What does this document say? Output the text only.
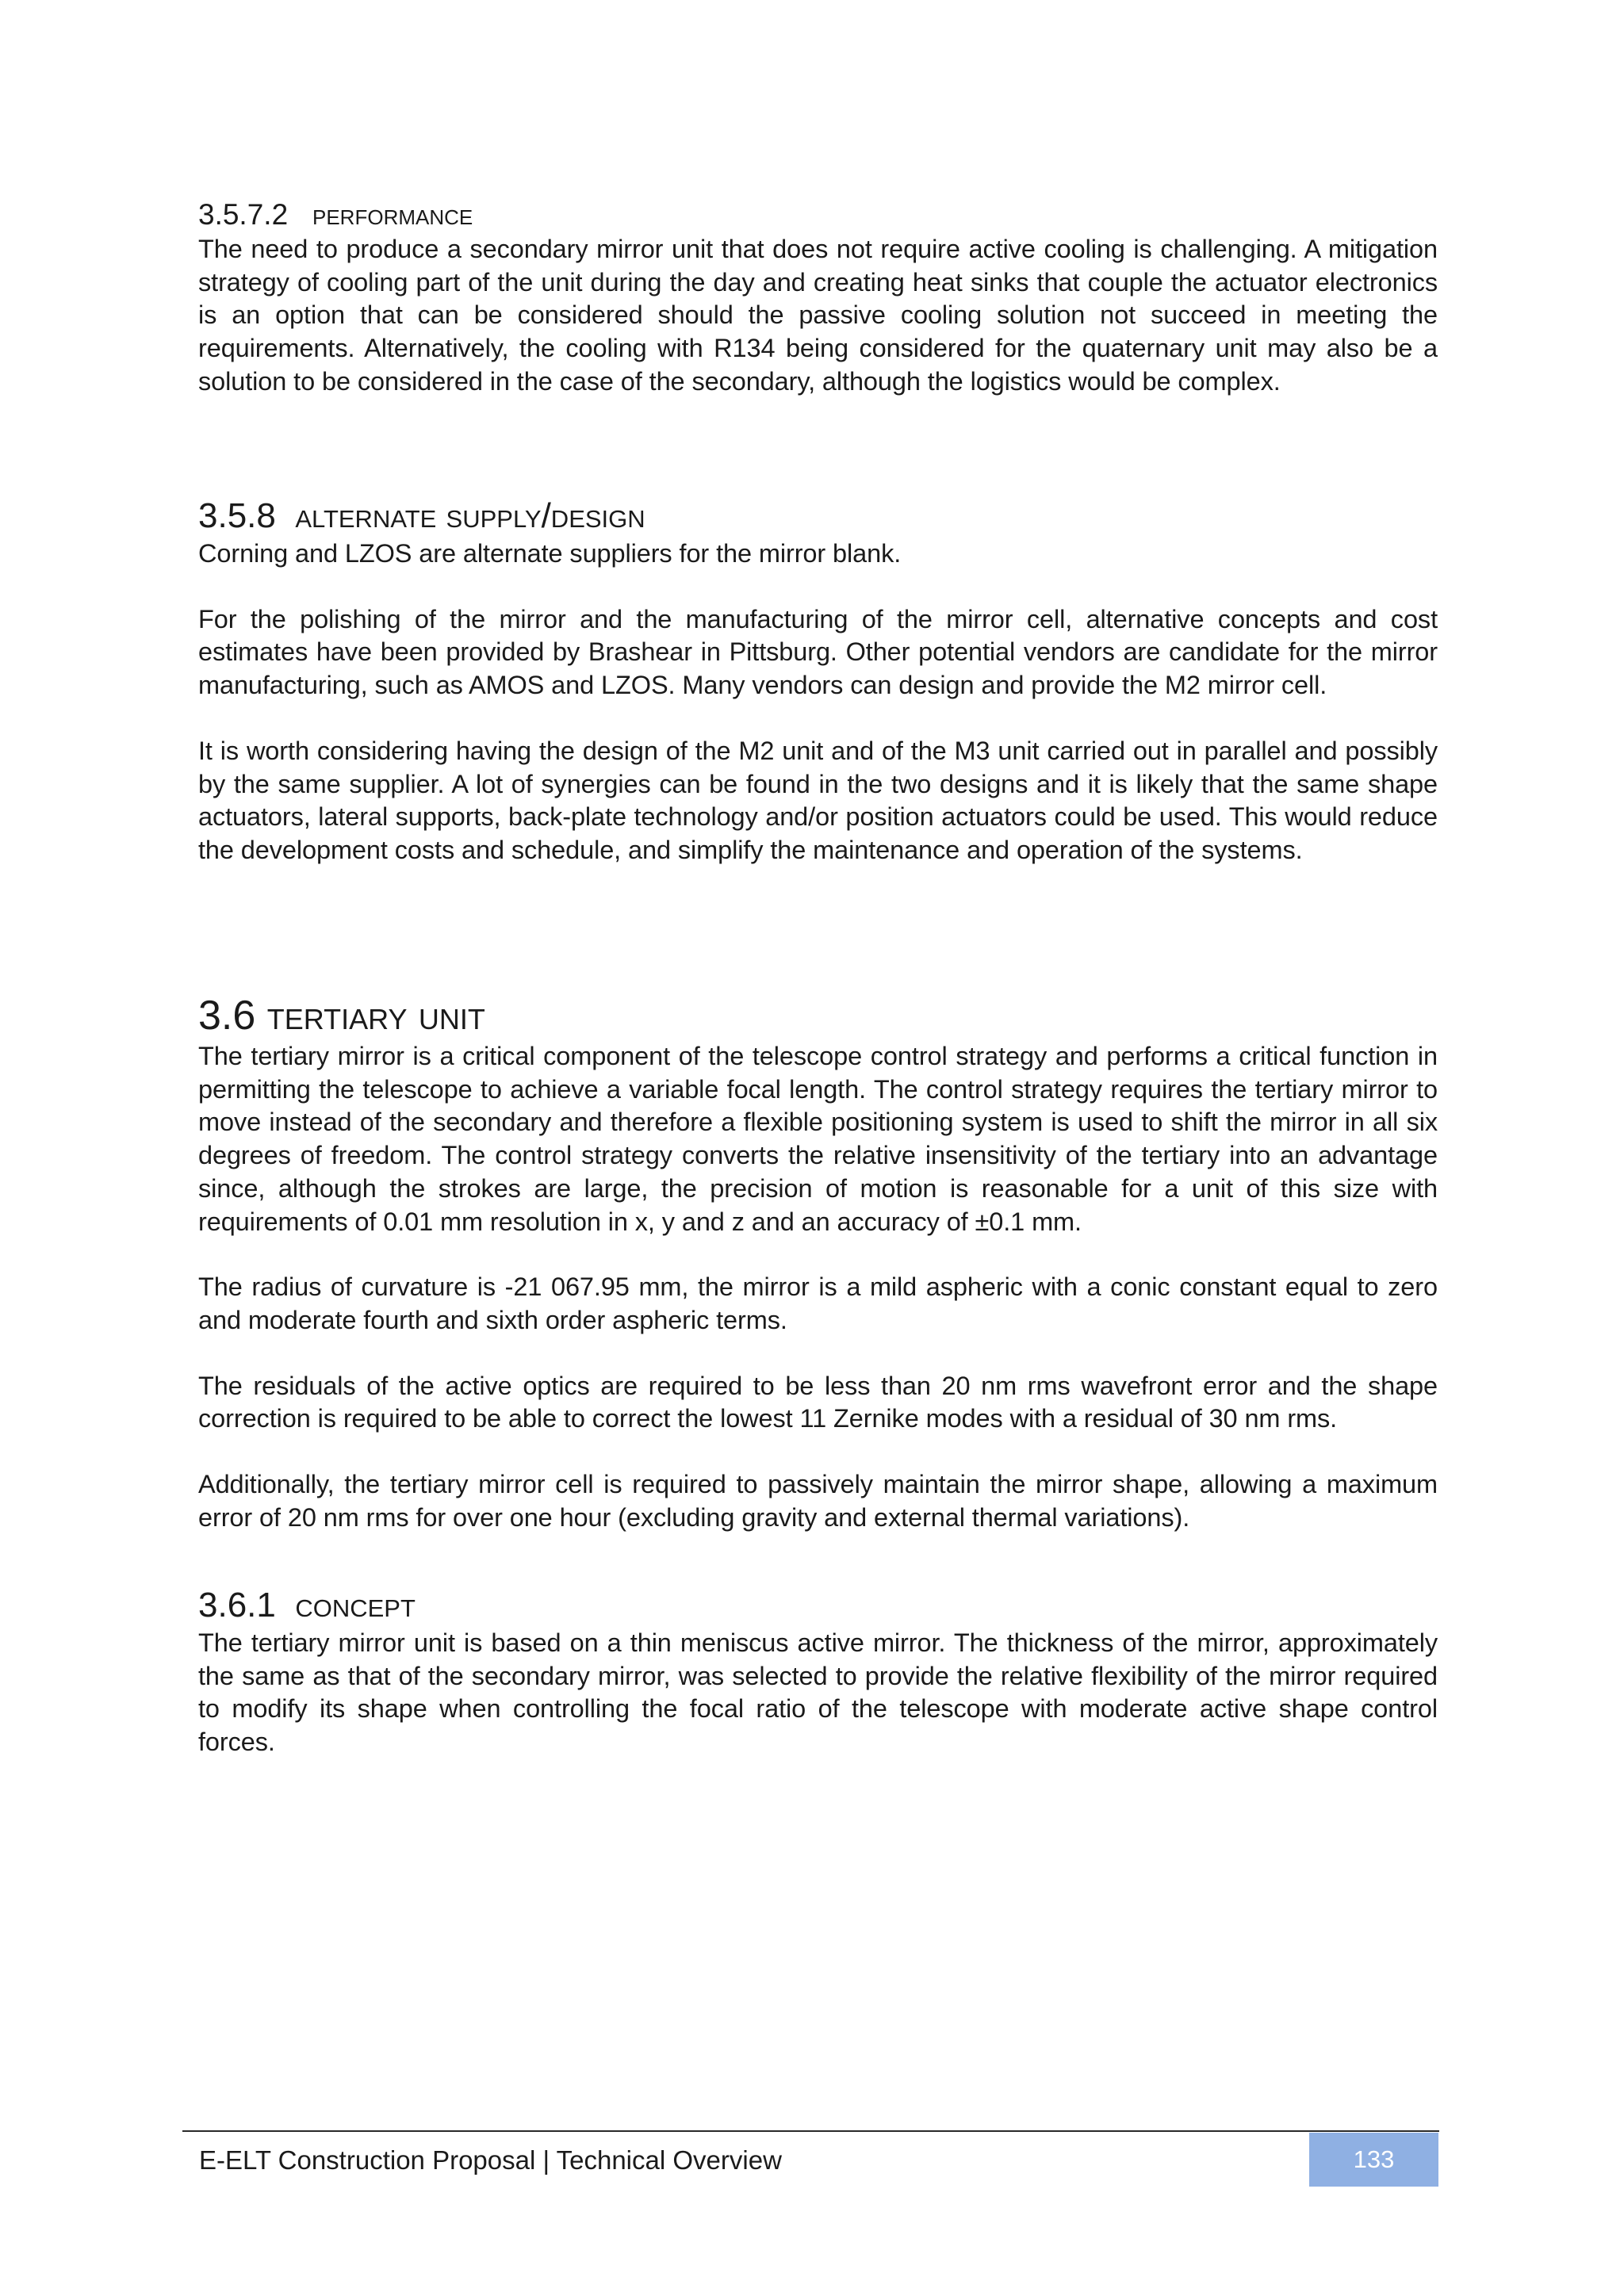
3.5.7.2 performance

The need to produce a secondary mirror unit that does not require active cooling is challenging. A mitigation strategy of cooling part of the unit during the day and creating heat sinks that couple the actuator electronics is an option that can be considered should the passive cooling solution not succeed in meeting the requirements. Alternatively, the cooling with R134 being considered for the quaternary unit may also be a solution to be considered in the case of the secondary, although the logistics would be complex.

3.5.8 alternate supply/design

Corning and LZOS are alternate suppliers for the mirror blank.

For the polishing of the mirror and the manufacturing of the mirror cell, alternative concepts and cost estimates have been provided by Brashear in Pittsburg. Other potential vendors are candidate for the mirror manufacturing, such as AMOS and LZOS. Many vendors can design and provide the M2 mirror cell.

It is worth considering having the design of the M2 unit and of the M3 unit carried out in parallel and possibly by the same supplier. A lot of synergies can be found in the two designs and it is likely that the same shape actuators, lateral supports, back-plate technology and/or position actuators could be used. This would reduce the development costs and schedule, and simplify the maintenance and operation of the systems.

3.6 tertiary unit

The tertiary mirror is a critical component of the telescope control strategy and performs a critical function in permitting the telescope to achieve a variable focal length. The control strategy requires the tertiary mirror to move instead of the secondary and therefore a flexible positioning system is used to shift the mirror in all six degrees of freedom. The control strategy converts the relative insensitivity of the tertiary into an advantage since, although the strokes are large, the precision of motion is reasonable for a unit of this size with requirements of 0.01 mm resolution in x, y and z and an accuracy of ±0.1 mm.

The radius of curvature is -21 067.95 mm, the mirror is a mild aspheric with a conic constant equal to zero and moderate fourth and sixth order aspheric terms.

The residuals of the active optics are required to be less than 20 nm rms wavefront error and the shape correction is required to be able to correct the lowest 11 Zernike modes with a residual of 30 nm rms.

Additionally, the tertiary mirror cell is required to passively maintain the mirror shape, allowing a maximum error of 20 nm rms for over one hour (excluding gravity and external thermal variations).

3.6.1 concept

The tertiary mirror unit is based on a thin meniscus active mirror. The thickness of the mirror, approximately the same as that of the secondary mirror, was selected to provide the relative flexibility of the mirror required to modify its shape when controlling the focal ratio of the telescope with moderate active shape control forces.

E-ELT Construction Proposal | Technical Overview	133
